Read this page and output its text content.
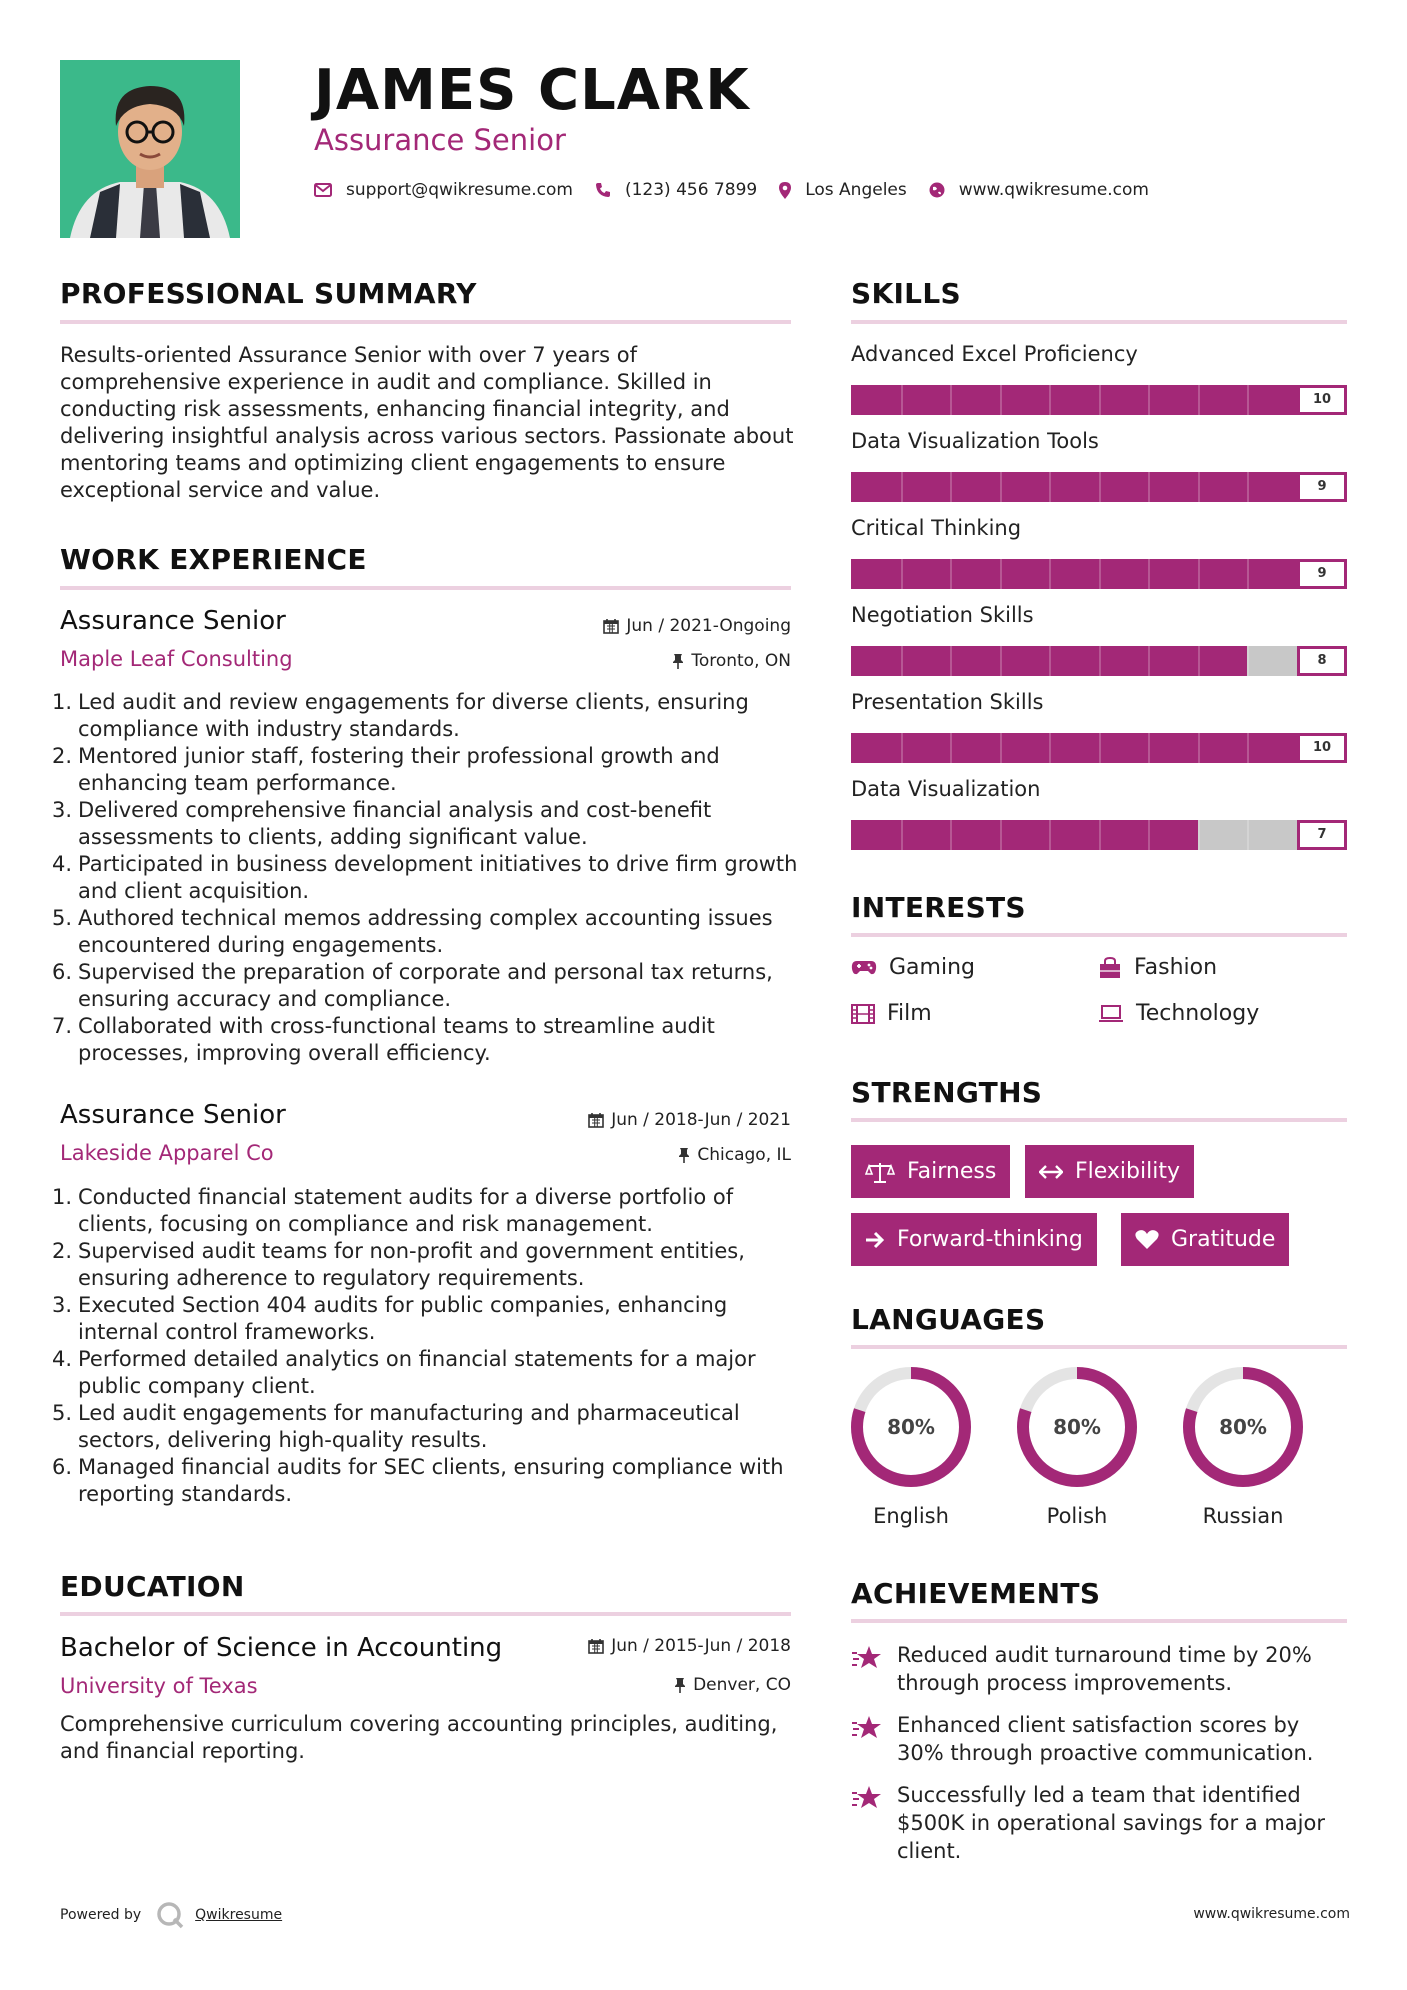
JAMES CLARK
Assurance Senior
support@qwikresume.com	(123) 456 7899	Los Angeles	www.qwikresume.com
PROFESSIONAL SUMMARY
Results-oriented Assurance Senior with over 7 years of comprehensive experience in audit and compliance. Skilled in conducting risk assessments, enhancing financial integrity, and delivering insightful analysis across various sectors. Passionate about mentoring teams and optimizing client engagements to ensure exceptional service and value.
WORK EXPERIENCE
Assurance Senior	Jun / 2021-Ongoing
Maple Leaf Consulting	Toronto, ON
1. Led audit and review engagements for diverse clients, ensuring compliance with industry standards.
2. Mentored junior staff, fostering their professional growth and enhancing team performance.
3. Delivered comprehensive financial analysis and cost-benefit assessments to clients, adding significant value.
4. Participated in business development initiatives to drive firm growth and client acquisition.
5. Authored technical memos addressing complex accounting issues encountered during engagements.
6. Supervised the preparation of corporate and personal tax returns, ensuring accuracy and compliance.
7. Collaborated with cross-functional teams to streamline audit processes, improving overall efficiency.
Assurance Senior	Jun / 2018-Jun / 2021
Lakeside Apparel Co	Chicago, IL
1. Conducted financial statement audits for a diverse portfolio of clients, focusing on compliance and risk management.
2. Supervised audit teams for non-profit and government entities, ensuring adherence to regulatory requirements.
3. Executed Section 404 audits for public companies, enhancing internal control frameworks.
4. Performed detailed analytics on financial statements for a major public company client.
5. Led audit engagements for manufacturing and pharmaceutical sectors, delivering high-quality results.
6. Managed financial audits for SEC clients, ensuring compliance with reporting standards.
EDUCATION
Bachelor of Science in Accounting	Jun / 2015-Jun / 2018
University of Texas	Denver, CO
Comprehensive curriculum covering accounting principles, auditing, and financial reporting.
SKILLS
Advanced Excel Proficiency
10
Data Visualization Tools
9
Critical Thinking
9
Negotiation Skills
8
Presentation Skills
10
Data Visualization
7
INTERESTS
Gaming	Fashion
Film	Technology
STRENGTHS
Fairness	Flexibility
Forward-thinking	Gratitude
LANGUAGES
80%
English
80%
Polish
80%
Russian
ACHIEVEMENTS
Reduced audit turnaround time by 20% through process improvements.
Enhanced client satisfaction scores by 30% through proactive communication.
Successfully led a team that identified $500K in operational savings for a major client.
Powered by	Qwikresume	www.qwikresume.com
